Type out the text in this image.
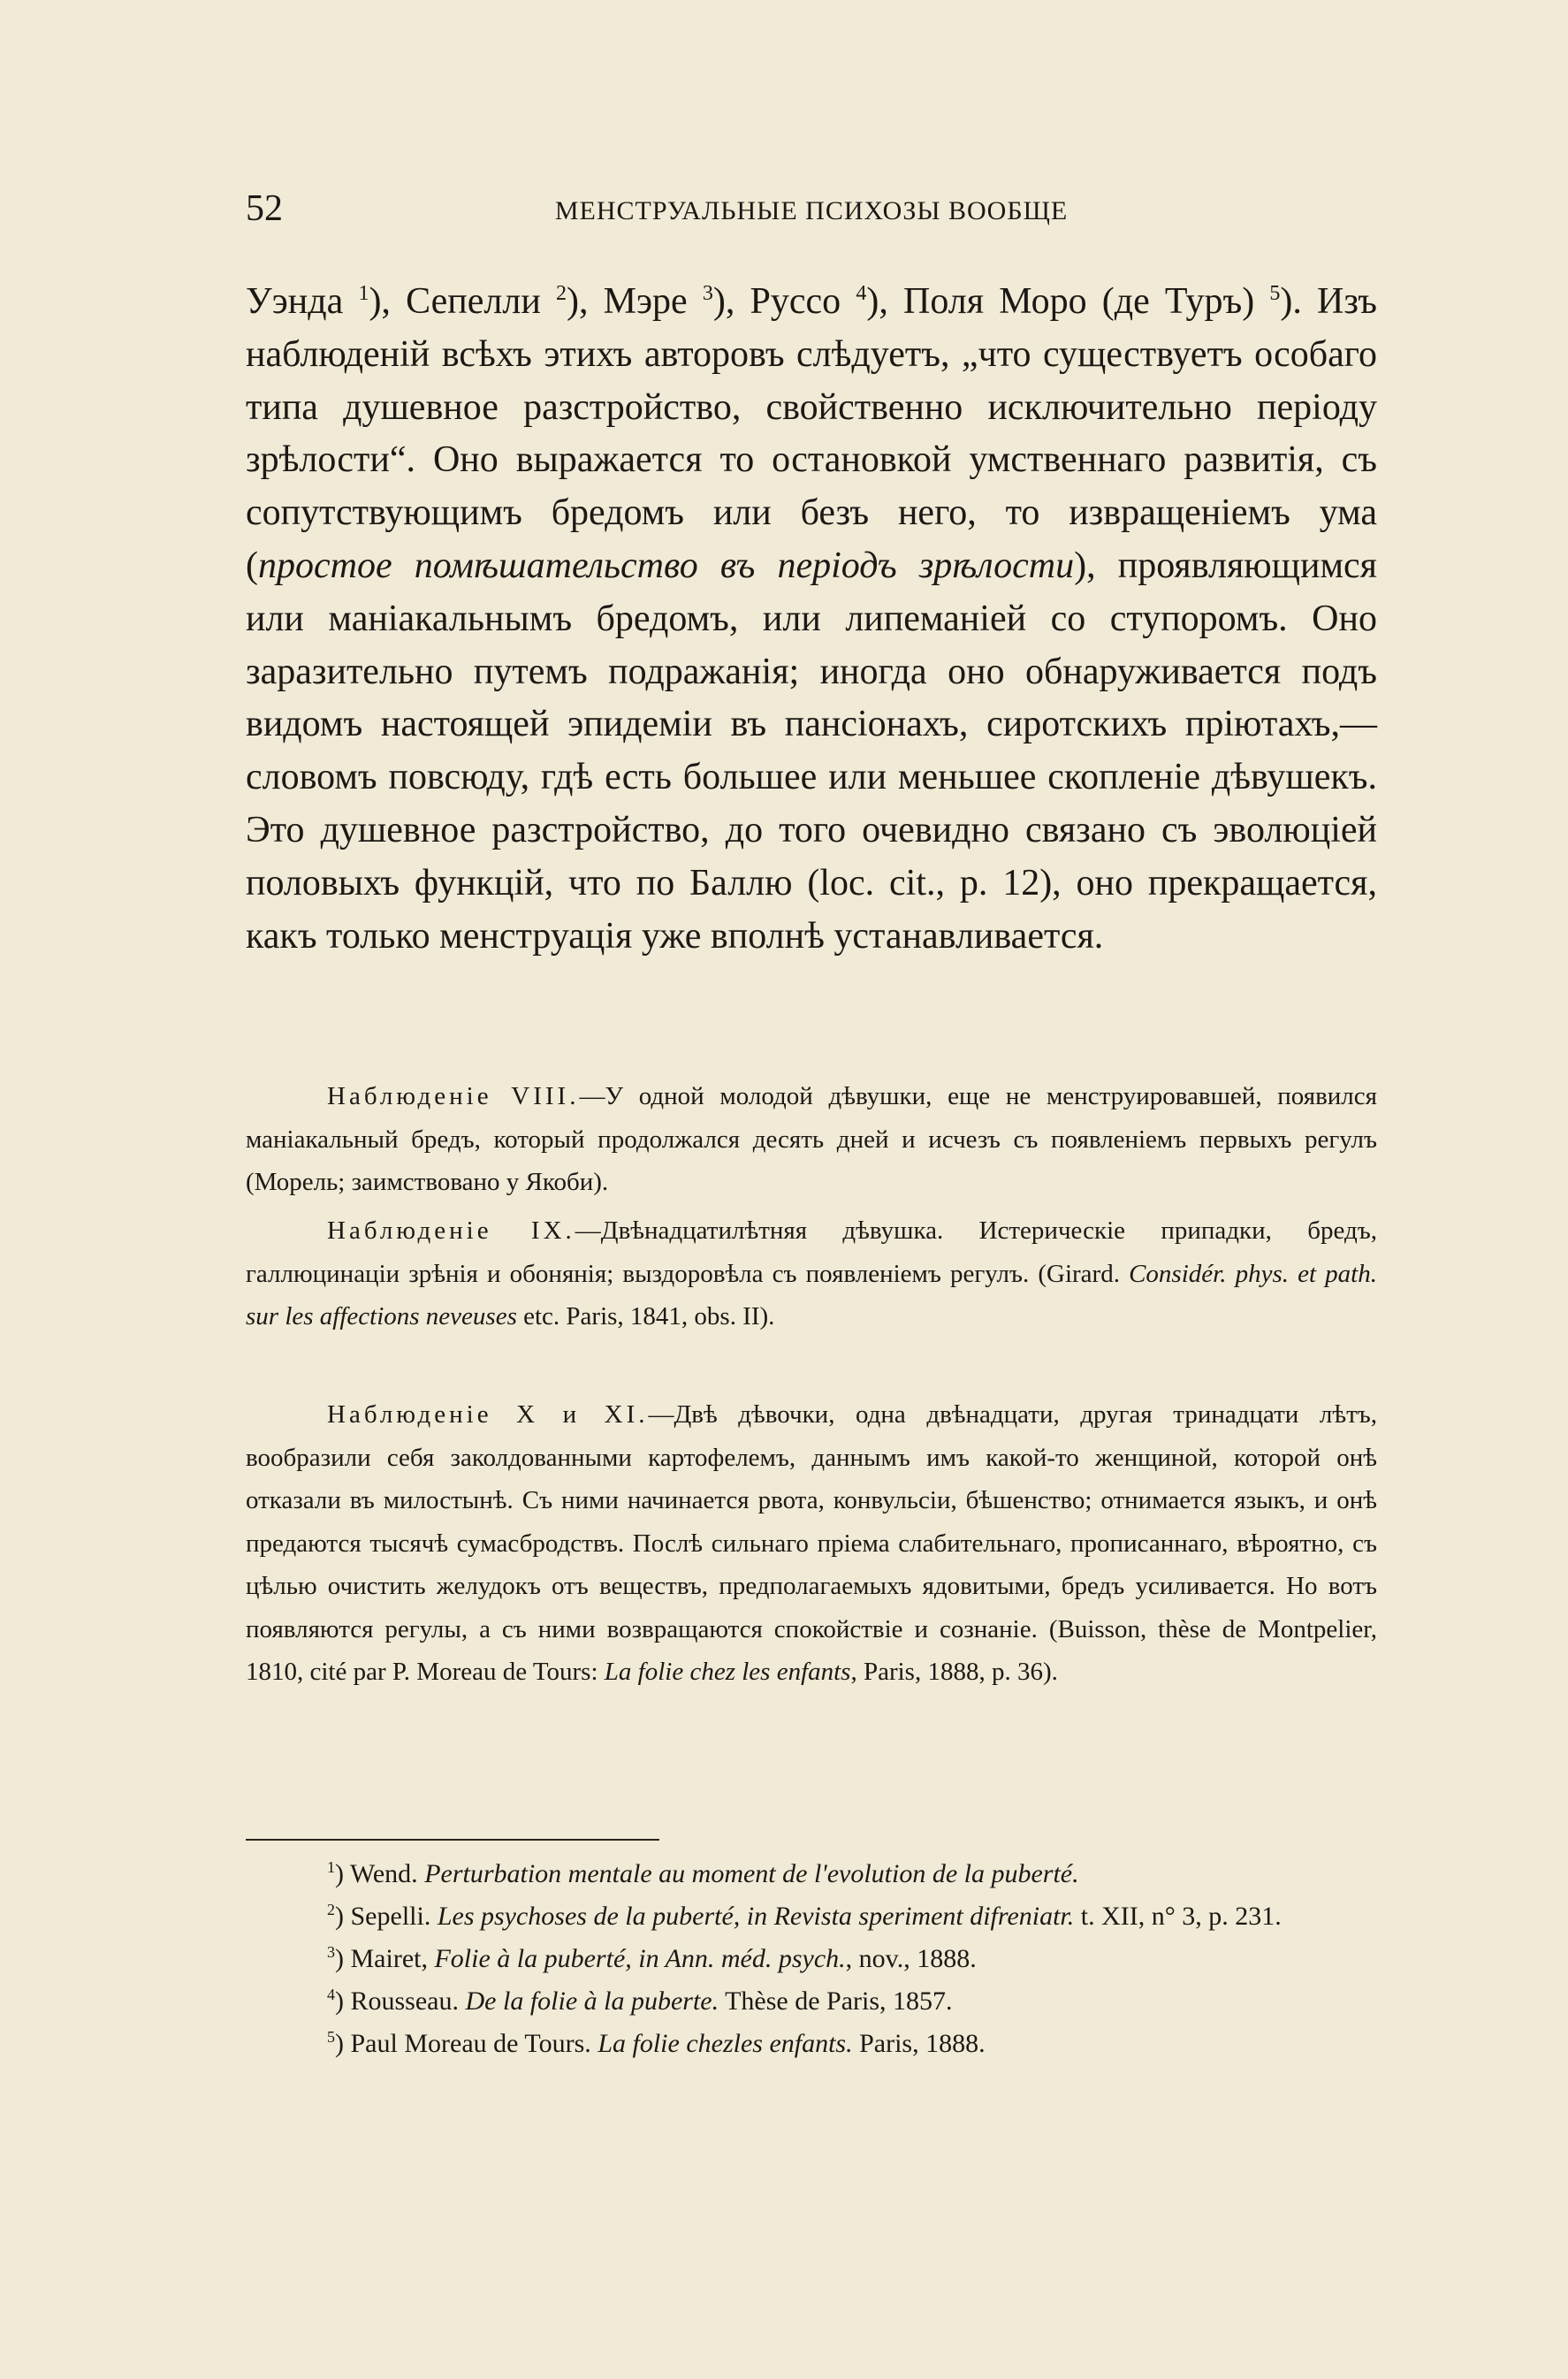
52	МЕНСТРУАЛЬНЫЕ ПСИХОЗЫ ВООБЩЕ

Уэнда $^1$), Сепелли $^2$), Мэре $^3$), Руссо $^4$), Поля Моро (де Туръ) $^5$). Изъ наблюденій всѣхъ этихъ авторовъ слѣдуетъ, „что существуетъ особаго типа душевное разстройство, свойственно исключительно періоду зрѣлости“. Оно выражается то остановкой умственнаго развитія, съ сопутствующимъ бредомъ или безъ него, то извращеніемъ ума (простое помѣшательство въ періодъ зрѣлости), проявляющимся или маніакальнымъ бредомъ, или липеманіей со ступоромъ. Оно заразительно путемъ подражанія; иногда оно обнаруживается подъ видомъ настоящей эпидеміи въ пансіонахъ, сиротскихъ пріютахъ,— словомъ повсюду, гдѣ есть большее или меньшее скопленіе дѣвушекъ. Это душевное разстройство, до того очевидно связано съ эволюціей половыхъ функцій, что по Баллю (loc. cit., p. 12), оно прекращается, какъ только менструація уже вполнѣ устанавливается.

Наблюденіе VIII.—У одной молодой дѣвушки, еще не менструировавшей, появился маніакальный бредъ, который продолжался десять дней и исчезъ съ появленіемъ первыхъ регулъ (Морель; заимствовано у Якоби).

Наблюденіе IX.—Двѣнадцатилѣтняя дѣвушка. Истерическіе припадки, бредъ, галлюцинаціи зрѣнія и обонянія; выздоровѣла съ появленіемъ регулъ. (Girard. Considér. phys. et path. sur les affections neveuses etc. Paris, 1841, obs. II).

Наблюденіе X и XI.—Двѣ дѣвочки, одна двѣнадцати, другая тринадцати лѣтъ, вообразили себя заколдованными картофелемъ, даннымъ имъ какой-то женщиной, которой онѣ отказали въ милостынѣ. Съ ними начинается рвота, конвульсіи, бѣшенство; отнимается языкъ, и онѣ предаются тысячѣ сумасбродствъ. Послѣ сильнаго пріема слабительнаго, прописаннаго, вѣроятно, съ цѣлью очистить желудокъ отъ веществъ, предполагаемыхъ ядовитыми, бредъ усиливается. Но вотъ появляются регулы, а съ ними возвращаются спокойствіе и сознаніе. (Buisson, thèse de Montpelier, 1810, cité par P. Moreau de Tours: La folie chez les enfants, Paris, 1888, p. 36).

$^1$) Wend. Perturbation mentale au moment de l'evolution de la puberté.

$^2$) Sepelli. Les psychoses de la puberté, in Revista speriment difreniatr. t. XII, n° 3, p. 231.

$^3$) Mairet, Folie à la puberté, in Ann. méd. psych., nov., 1888.

$^4$) Rousseau. De la folie à la puberte. Thèse de Paris, 1857.

$^5$) Paul Moreau de Tours. La folie chezles enfants. Paris, 1888.
